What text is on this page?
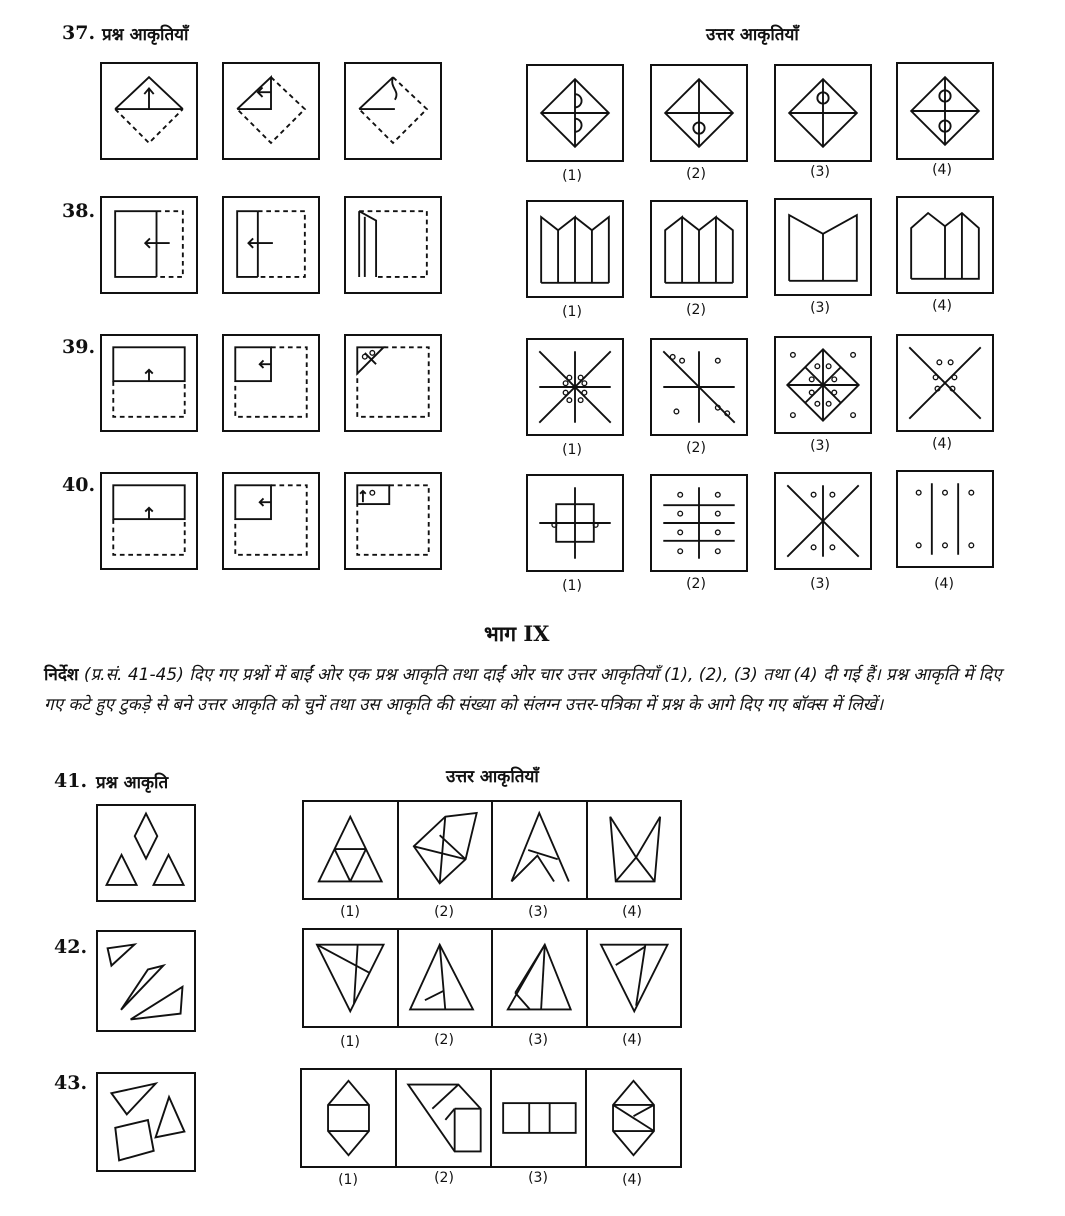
37. प्रश्न आकृतियाँ	उत्तर आकृतियाँ
(1)	(2)	(3)	(4)
38.
(1)	(2)	(3)	(4)
39.
(1)	(2)	(3)	(4)
40.
(1)	(2)	(3)	(4)
भाग IX
निर्देश (प्र.सं. 41-45) दिए गए प्रश्नों में बाईं ओर एक प्रश्न आकृति तथा दाईं ओर चार उत्तर आकृतियाँ (1), (2), (3) तथा (4) दी गई हैं। प्रश्न आकृति में दिए गए कटे हुए टुकड़े से बने उत्तर आकृति को चुनें तथा उस आकृति की संख्या को संलग्न उत्तर-पत्रिका में प्रश्न के आगे दिए गए बॉक्स में लिखें।
41. प्रश्न आकृति	उत्तर आकृतियाँ
(1)	(2)	(3)	(4)
42.
(1)	(2)	(3)	(4)
43.
(1)	(2)	(3)	(4)
